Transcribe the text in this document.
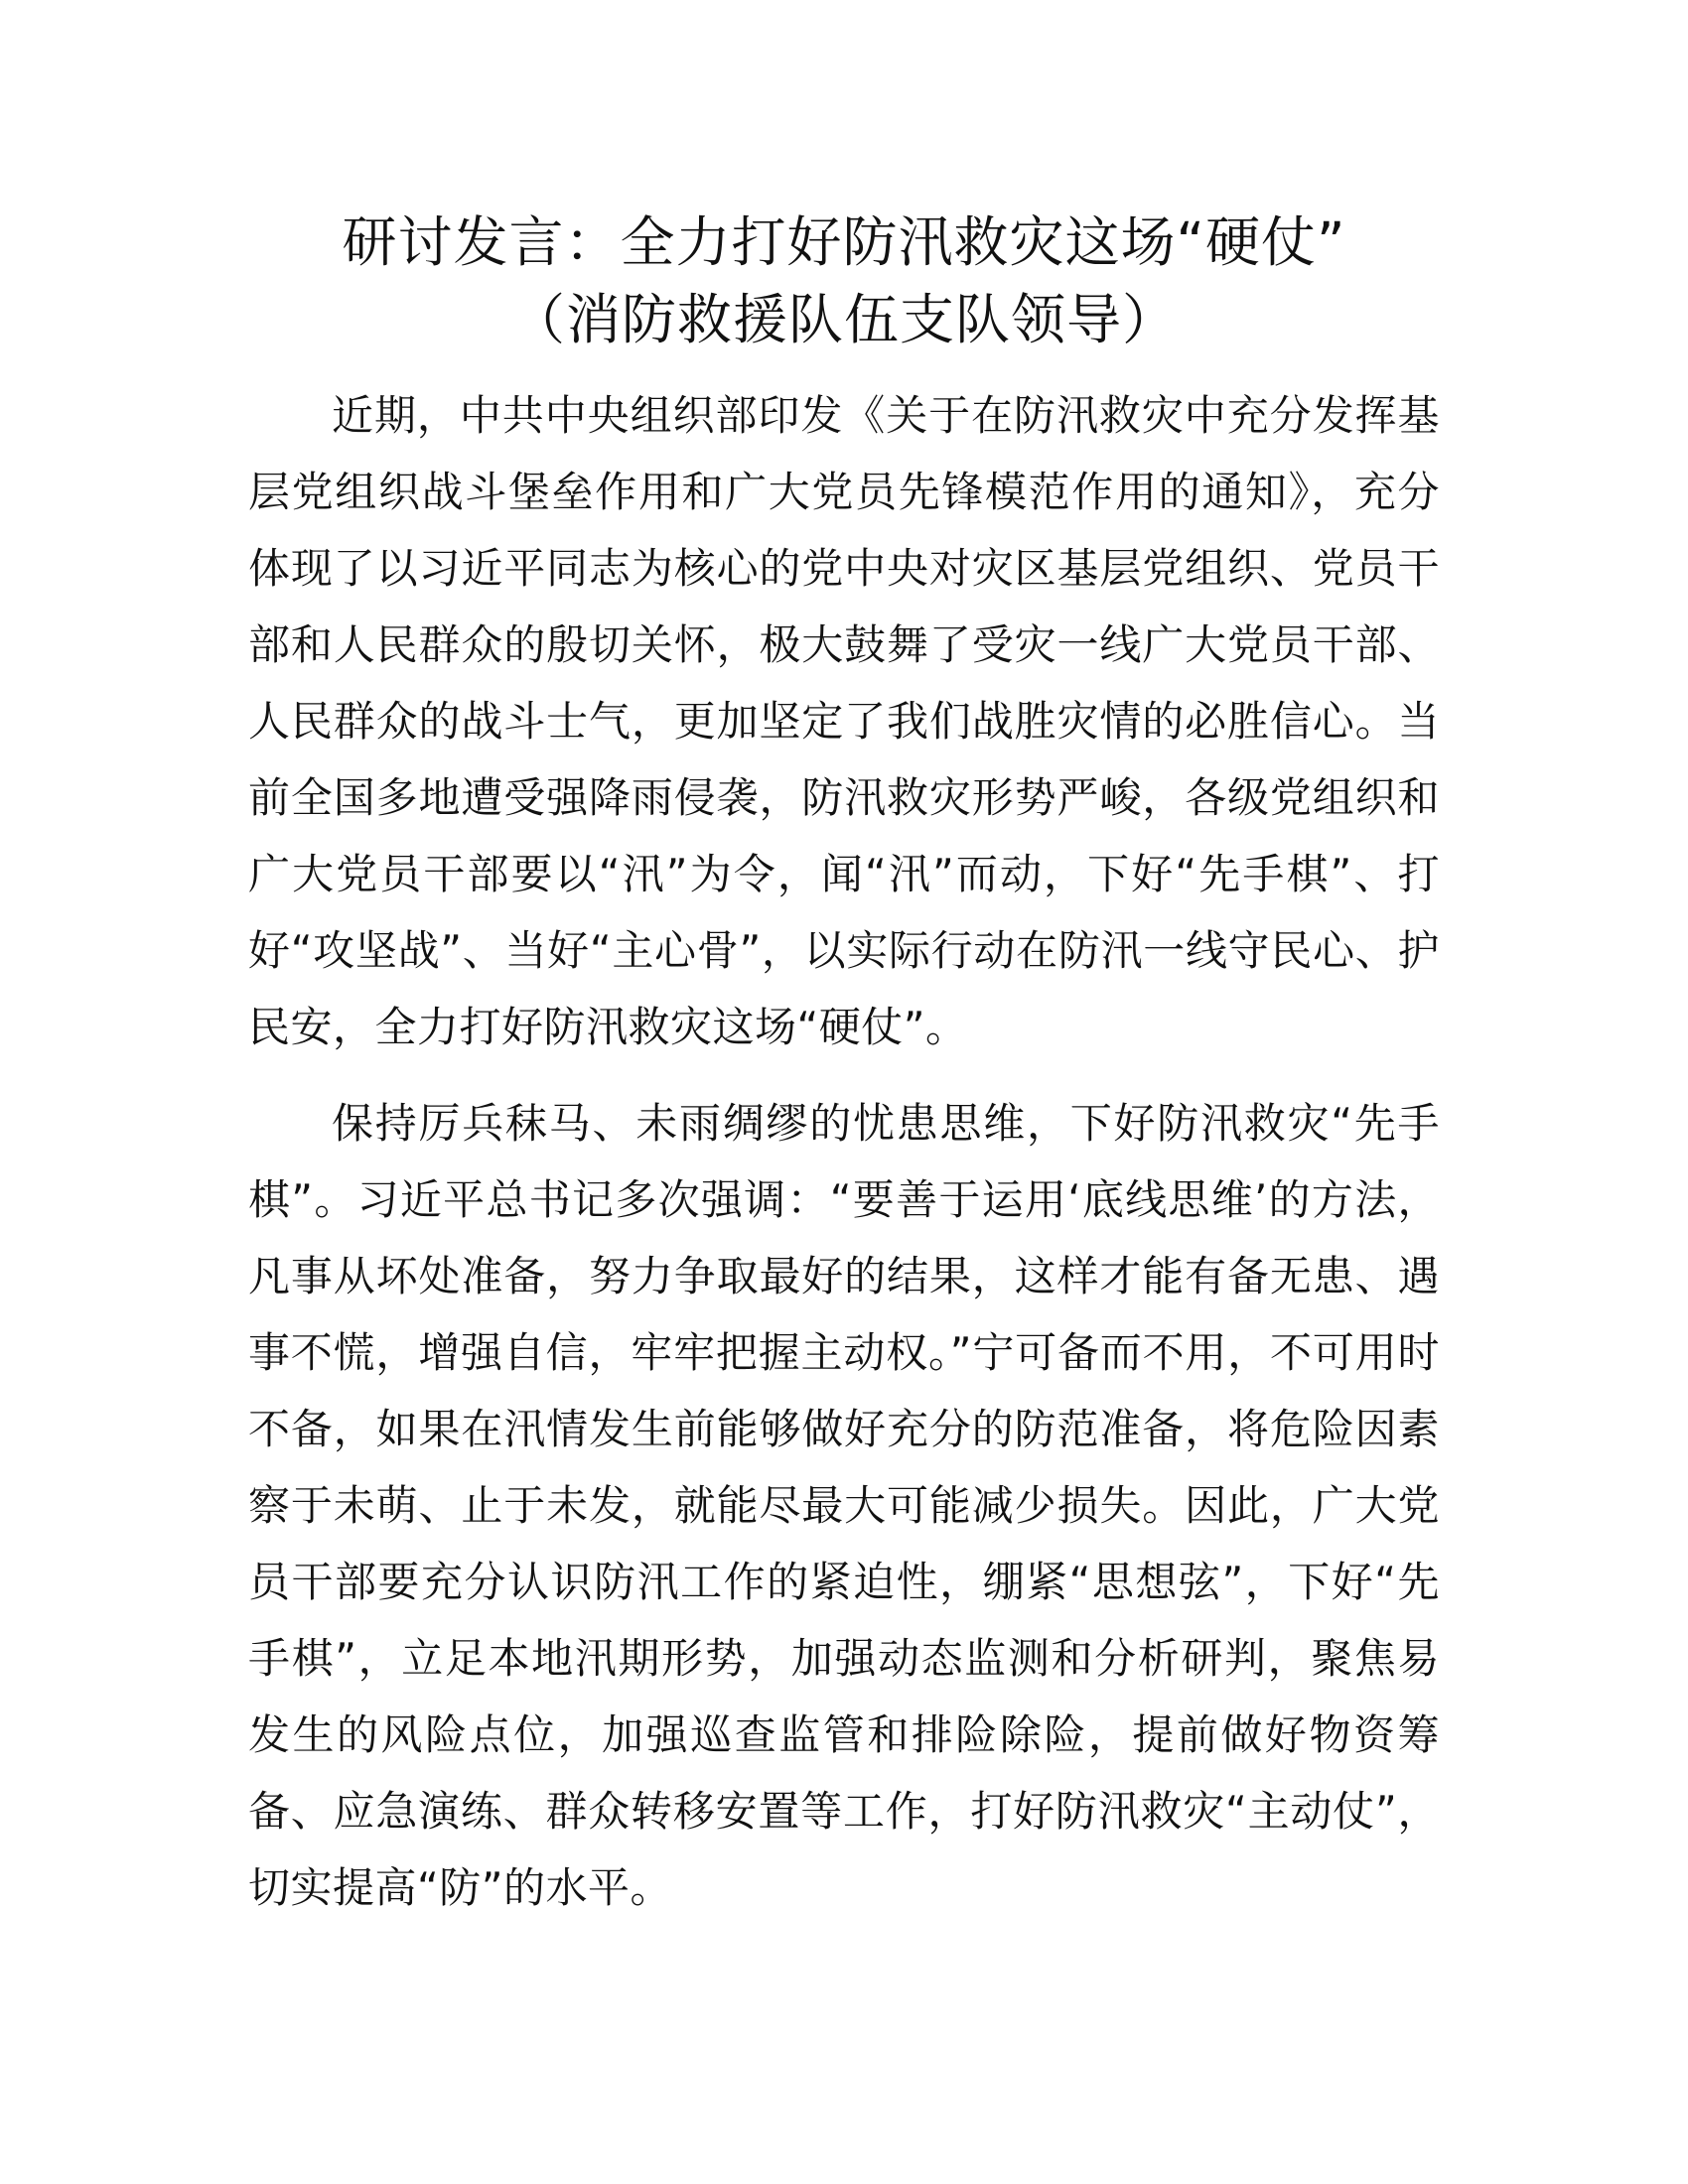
研讨发言：全力打好防汛救灾这场“硬仗”
（消防救援队伍支队领导）

近期，中共中央组织部印发《关于在防汛救灾中充分发挥基层党组织战斗堡垒作用和广大党员先锋模范作用的通知》，充分体现了以习近平同志为核心的党中央对灾区基层党组织、党员干部和人民群众的殷切关怀，极大鼓舞了受灾一线广大党员干部、人民群众的战斗士气，更加坚定了我们战胜灾情的必胜信心。当前全国多地遭受强降雨侵袭，防汛救灾形势严峻，各级党组织和广大党员干部要以“汛”为令，闻“汛”而动，下好“先手棋”、打好“攻坚战”、当好“主心骨”，以实际行动在防汛一线守民心、护民安，全力打好防汛救灾这场“硬仗”。

保持厉兵秣马、未雨绸缪的忧患思维，下好防汛救灾“先手棋”。习近平总书记多次强调：“要善于运用‘底线思维’的方法，凡事从坏处准备，努力争取最好的结果，这样才能有备无患、遇事不慌，增强自信，牢牢把握主动权。”宁可备而不用，不可用时不备，如果在汛情发生前能够做好充分的防范准备，将危险因素察于未萌、止于未发，就能尽最大可能减少损失。因此，广大党员干部要充分认识防汛工作的紧迫性，绷紧“思想弦”，下好“先手棋”，立足本地汛期形势，加强动态监测和分析研判，聚焦易发生的风险点位，加强巡查监管和排险除险，提前做好物资筹备、应急演练、群众转移安置等工作，打好防汛救灾“主动仗”，切实提高“防”的水平。
